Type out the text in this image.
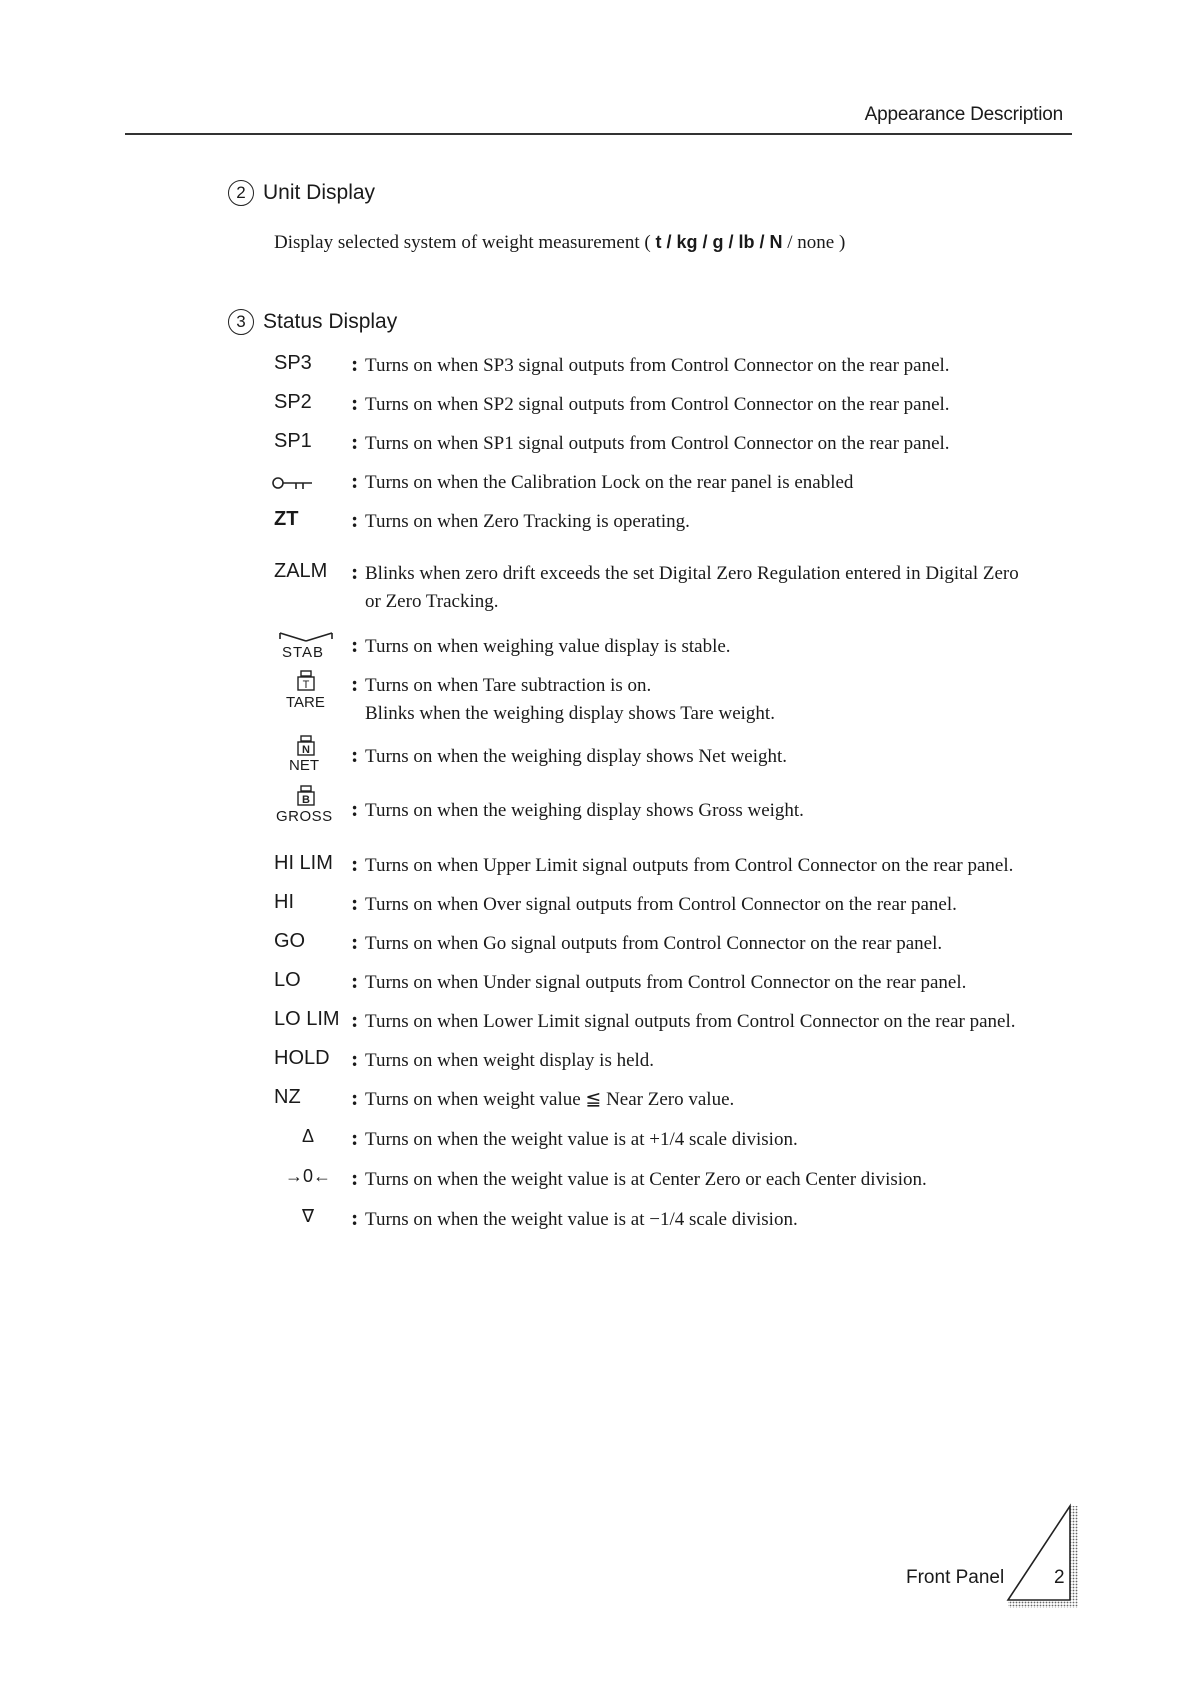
Appearance Description
2 Unit Display
Display selected system of weight measurement ( t / kg / g / lb / N / none )
3 Status Display
SP3 : Turns on when SP3 signal outputs from Control Connector on the rear panel.
SP2 : Turns on when SP2 signal outputs from Control Connector on the rear panel.
SP1 : Turns on when SP1 signal outputs from Control Connector on the rear panel.
: Turns on when the Calibration Lock on the rear panel is enabled
ZT : Turns on when Zero Tracking is operating.
ZALM : Blinks when zero drift exceeds the set Digital Zero Regulation entered in Digital Zero
or Zero Tracking.
STAB : Turns on when weighing value display is stable.
T
TARE
: Turns on when Tare subtraction is on.
Blinks when the weighing display shows Tare weight.
N
NET : Turns on when the weighing display shows Net weight.
B
GROSS : Turns on when the weighing display shows Gross weight.
HI LIM : Turns on when Upper Limit signal outputs from Control Connector on the rear panel.
HI	: Turns on when Over signal outputs from Control Connector on the rear panel.
GO : Turns on when Go signal outputs from Control Connector on the rear panel.
LO : Turns on when Under signal outputs from Control Connector on the rear panel.
LO LIM : Turns on when Lower Limit signal outputs from Control Connector on the rear panel.
HOLD : Turns on when weight display is held.
NZ : Turns on when weight value ≦ Near Zero value.
Δ	: Turns on when the weight value is at +1/4 scale division.
→0← : Turns on when the weight value is at Center Zero or each Center division.
∇	: Turns on when the weight value is at −1/4 scale division.
Front Panel	2
